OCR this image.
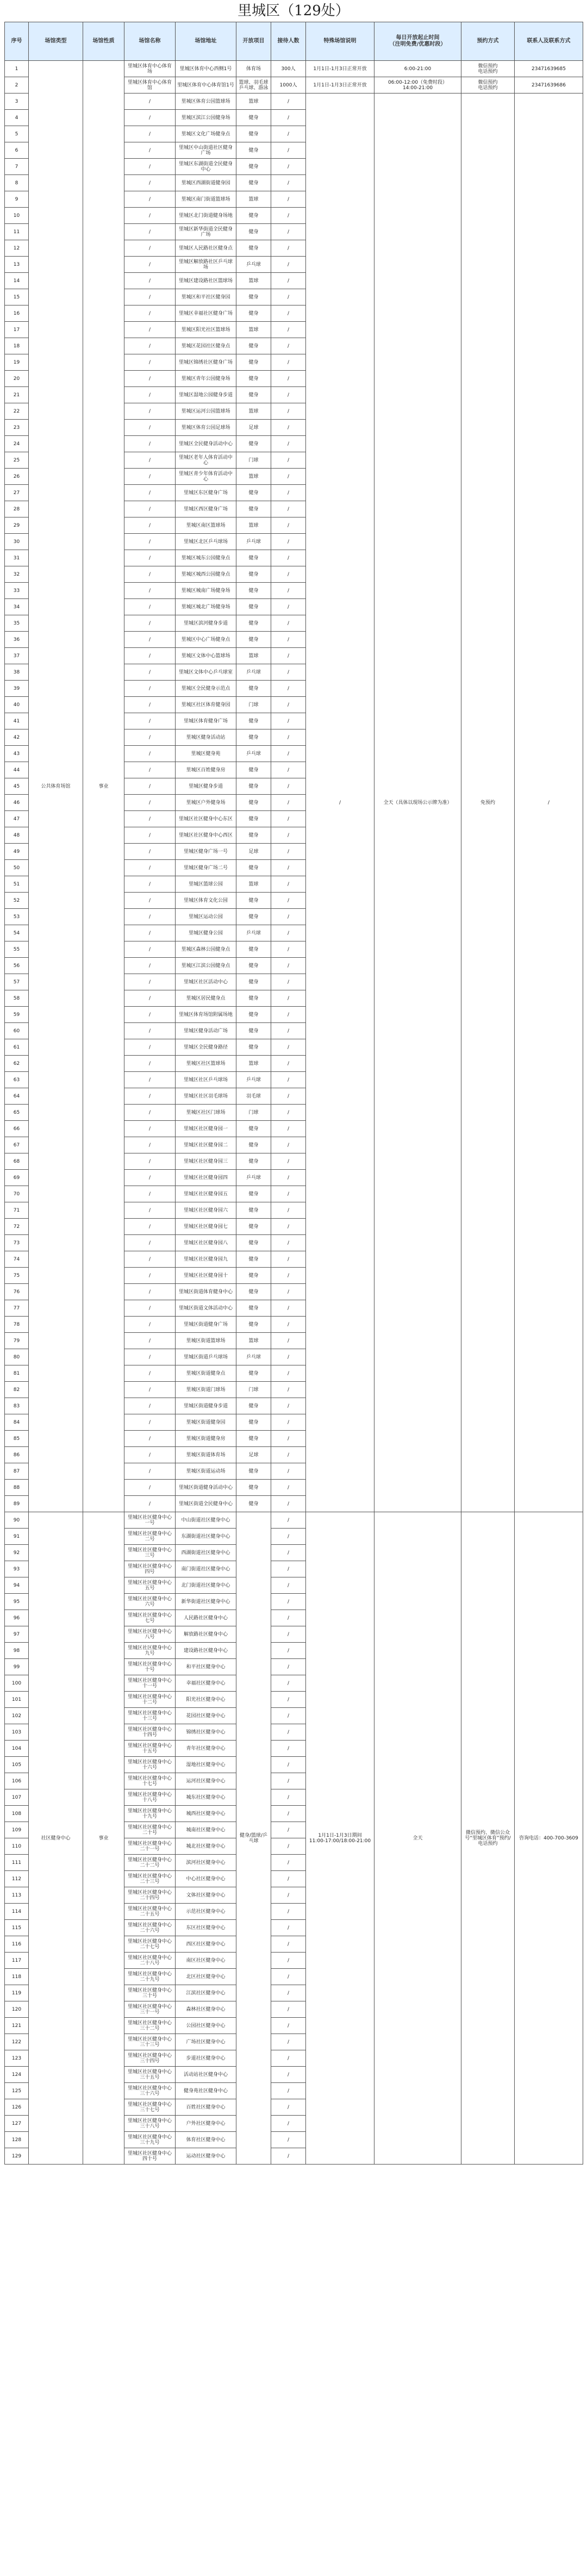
里城区（129处）
序号	场馆类型	场馆性质	场馆名称	场馆地址	开放项目	接待人数	特殊场馆说明	每日开放起止时间
（注明免费/优惠时段）	预约方式	联系人及联系方式
1	公共体育场馆	事业	里城区体育中心体育场	里城区体育中心西侧1号	体育场	300人	1月1日-1月3日正常开放	6:00-21:00	微信预约
电话预约	23471639685
2			里城区体育中心体育馆	里城区体育中心体育馆1号	篮球、羽毛球
乒乓球、游泳	1000人	1月1日-1月3日正常开放	06:00-12:00（免费时段）
14:00-21:00	微信预约
电话预约	23471639686
3			/	里城区体育公园篮球场	篮球	/	/	全天（具体以现场公示牌为准）	免预约	/
4			/	里城区滨江公园健身场	健身	/				
5			/	里城区文化广场健身点	健身	/				
6			/	里城区中山街道社区健身广场	健身	/				
7			/	里城区东湖街道全民健身中心	健身	/				
8			/	里城区西湖街道健身园	健身	/				
9			/	里城区南门街道篮球场	篮球	/				
10			/	里城区北门街道健身场地	健身	/				
11			/	里城区新华街道全民健身广场	健身	/				
12			/	里城区人民路社区健身点	健身	/				
13			/	里城区解放路社区乒乓球场	乒乓球	/				
14			/	里城区建设路社区篮球场	篮球	/				
15			/	里城区和平社区健身园	健身	/				
16			/	里城区幸福社区健身广场	健身	/				
17			/	里城区阳光社区篮球场	篮球	/				
18			/	里城区花园社区健身点	健身	/				
19			/	里城区锦绣社区健身广场	健身	/				
20			/	里城区青年公园健身场	健身	/				
21			/	里城区湿地公园健身步道	健身	/				
22			/	里城区运河公园篮球场	篮球	/				
23			/	里城区体育公园足球场	足球	/				
24			/	里城区全民健身活动中心	健身	/				
25			/	里城区老年人体育活动中心	门球	/				
26			/	里城区青少年体育活动中心	篮球	/				
27			/	里城区东区健身广场	健身	/				
28			/	里城区西区健身广场	健身	/				
29			/	里城区南区篮球场	篮球	/				
30			/	里城区北区乒乓球场	乒乓球	/				
31			/	里城区城东公园健身点	健身	/				
32			/	里城区城西公园健身点	健身	/				
33			/	里城区城南广场健身场	健身	/				
34			/	里城区城北广场健身场	健身	/				
35			/	里城区滨河健身步道	健身	/				
36			/	里城区中心广场健身点	健身	/				
37			/	里城区文体中心篮球场	篮球	/				
38			/	里城区文体中心乒乓球室	乒乓球	/				
39			/	里城区全民健身示范点	健身	/				
40			/	里城区社区体育健身园	门球	/				
41			/	里城区体育健身广场	健身	/				
42			/	里城区健身活动站	健身	/				
43			/	里城区健身苑	乒乓球	/				
44			/	里城区百姓健身房	健身	/				
45			/	里城区健身步道	健身	/				
46			/	里城区户外健身场	健身	/				
47			/	里城区社区健身中心东区	健身	/				
48			/	里城区社区健身中心西区	健身	/				
49			/	里城区健身广场一号	足球	/				
50			/	里城区健身广场二号	健身	/				
51			/	里城区篮球公园	篮球	/				
52			/	里城区体育文化公园	健身	/				
53			/	里城区运动公园	健身	/				
54			/	里城区健身公园	乒乓球	/				
55			/	里城区森林公园健身点	健身	/				
56			/	里城区江滨公园健身点	健身	/				
57			/	里城区社区活动中心	健身	/				
58			/	里城区居民健身点	健身	/				
59			/	里城区体育场馆附属场地	健身	/				
60			/	里城区健身活动广场	健身	/				
61			/	里城区全民健身路径	健身	/				
62			/	里城区社区篮球场	篮球	/				
63			/	里城区社区乒乓球场	乒乓球	/				
64			/	里城区社区羽毛球场	羽毛球	/				
65			/	里城区社区门球场	门球	/				
66			/	里城区社区健身园一	健身	/				
67			/	里城区社区健身园二	健身	/				
68			/	里城区社区健身园三	健身	/				
69			/	里城区社区健身园四	乒乓球	/				
70			/	里城区社区健身园五	健身	/				
71			/	里城区社区健身园六	健身	/				
72			/	里城区社区健身园七	健身	/				
73			/	里城区社区健身园八	健身	/				
74			/	里城区社区健身园九	健身	/				
75			/	里城区社区健身园十	健身	/				
76			/	里城区街道体育健身中心	健身	/				
77			/	里城区街道文体活动中心	健身	/				
78			/	里城区街道健身广场	健身	/				
79			/	里城区街道篮球场	篮球	/				
80			/	里城区街道乒乓球场	乒乓球	/				
81			/	里城区街道健身点	健身	/				
82			/	里城区街道门球场	门球	/				
83			/	里城区街道健身步道	健身	/				
84			/	里城区街道健身园	健身	/				
85			/	里城区街道健身房	健身	/				
86			/	里城区街道体育场	足球	/				
87			/	里城区街道运动场	健身	/				
88			/	里城区街道健身活动中心	健身	/				
89			/	里城区街道全民健身中心	健身	/				
90	社区健身中心	事业	里城区社区健身中心一号	中山街道社区健身中心	健身/篮球/乒乓球	/	1月1日-1月3日期间
11:00-17:00/18:00-21:00	全天	微信预约、微信公众号“里城区体育”预约/电话预约	咨询电话：400-700-3609
91			里城区社区健身中心二号	东湖街道社区健身中心		/				
92			里城区社区健身中心三号	西湖街道社区健身中心		/				
93			里城区社区健身中心四号	南门街道社区健身中心		/				
94			里城区社区健身中心五号	北门街道社区健身中心		/				
95			里城区社区健身中心六号	新华街道社区健身中心		/				
96			里城区社区健身中心七号	人民路社区健身中心		/				
97			里城区社区健身中心八号	解放路社区健身中心		/				
98			里城区社区健身中心九号	建设路社区健身中心		/				
99			里城区社区健身中心十号	和平社区健身中心		/				
100			里城区社区健身中心十一号	幸福社区健身中心		/				
101			里城区社区健身中心十二号	阳光社区健身中心		/				
102			里城区社区健身中心十三号	花园社区健身中心		/				
103			里城区社区健身中心十四号	锦绣社区健身中心		/				
104			里城区社区健身中心十五号	青年社区健身中心		/				
105			里城区社区健身中心十六号	湿地社区健身中心		/				
106			里城区社区健身中心十七号	运河社区健身中心		/				
107			里城区社区健身中心十八号	城东社区健身中心		/				
108			里城区社区健身中心十九号	城西社区健身中心		/				
109			里城区社区健身中心二十号	城南社区健身中心		/				
110			里城区社区健身中心二十一号	城北社区健身中心		/				
111			里城区社区健身中心二十二号	滨河社区健身中心		/				
112			里城区社区健身中心二十三号	中心社区健身中心		/				
113			里城区社区健身中心二十四号	文体社区健身中心		/				
114			里城区社区健身中心二十五号	示范社区健身中心		/				
115			里城区社区健身中心二十六号	东区社区健身中心		/				
116			里城区社区健身中心二十七号	西区社区健身中心		/				
117			里城区社区健身中心二十八号	南区社区健身中心		/				
118			里城区社区健身中心二十九号	北区社区健身中心		/				
119			里城区社区健身中心三十号	江滨社区健身中心		/				
120			里城区社区健身中心三十一号	森林社区健身中心		/				
121			里城区社区健身中心三十二号	公园社区健身中心		/				
122			里城区社区健身中心三十三号	广场社区健身中心		/				
123			里城区社区健身中心三十四号	步道社区健身中心		/				
124			里城区社区健身中心三十五号	活动站社区健身中心		/				
125			里城区社区健身中心三十六号	健身苑社区健身中心		/				
126			里城区社区健身中心三十七号	百姓社区健身中心		/				
127			里城区社区健身中心三十八号	户外社区健身中心		/				
128			里城区社区健身中心三十九号	体育社区健身中心		/				
129			里城区社区健身中心四十号	运动社区健身中心		/				
